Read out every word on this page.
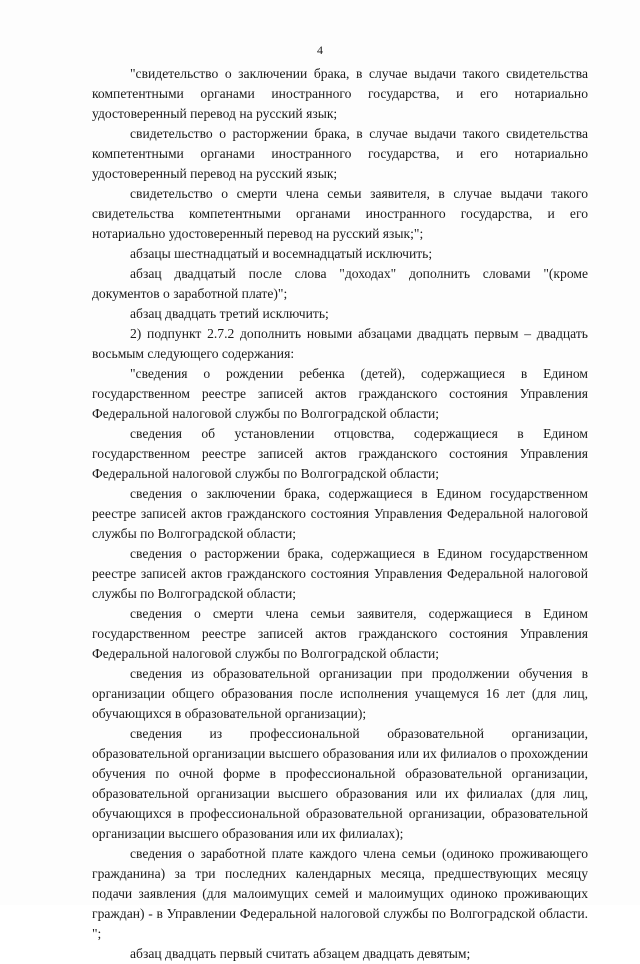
4

"свидетельство о заключении брака, в случае выдачи такого свидетельства компетентными органами иностранного государства, и его нотариально удостоверенный перевод на русский язык;

свидетельство о расторжении брака, в случае выдачи такого свидетельства компетентными органами иностранного государства, и его нотариально удостоверенный перевод на русский язык;

свидетельство о смерти члена семьи заявителя, в случае выдачи такого свидетельства компетентными органами иностранного государства, и его нотариально удостоверенный перевод на русский язык;";

абзацы шестнадцатый и восемнадцатый исключить;

абзац двадцатый после слова "доходах" дополнить словами "(кроме документов о заработной плате)";

абзац двадцать третий исключить;

2) подпункт 2.7.2 дополнить новыми абзацами двадцать первым – двадцать восьмым следующего содержания:

"сведения о рождении ребенка (детей), содержащиеся в Едином государственном реестре записей актов гражданского состояния Управления Федеральной налоговой службы по Волгоградской области;

сведения об установлении отцовства, содержащиеся в Едином государственном реестре записей актов гражданского состояния Управления Федеральной налоговой службы по Волгоградской области;

сведения о заключении брака, содержащиеся в Едином государственном реестре записей актов гражданского состояния Управления Федеральной налоговой службы по Волгоградской области;

сведения о расторжении брака, содержащиеся в Едином государственном реестре записей актов гражданского состояния Управления Федеральной налоговой службы по Волгоградской области;

сведения о смерти члена семьи заявителя, содержащиеся в Едином государственном реестре записей актов гражданского состояния Управления Федеральной налоговой службы по Волгоградской области;

сведения из образовательной организации при продолжении обучения в организации общего образования после исполнения учащемуся 16 лет (для лиц, обучающихся в образовательной организации);

сведения из профессиональной образовательной организации, образовательной организации высшего образования или их филиалов о прохождении обучения по очной форме в профессиональной образовательной организации, образовательной организации высшего образования или их филиалах (для лиц, обучающихся в профессиональной образовательной организации, образовательной организации высшего образования или их филиалах);

сведения о заработной плате каждого члена семьи (одиноко проживающего гражданина) за три последних календарных месяца, предшествующих месяцу подачи заявления (для малоимущих семей и малоимущих одиноко проживающих граждан) - в Управлении Федеральной налоговой службы по Волгоградской области. ";

абзац двадцать первый считать абзацем двадцать девятым;
